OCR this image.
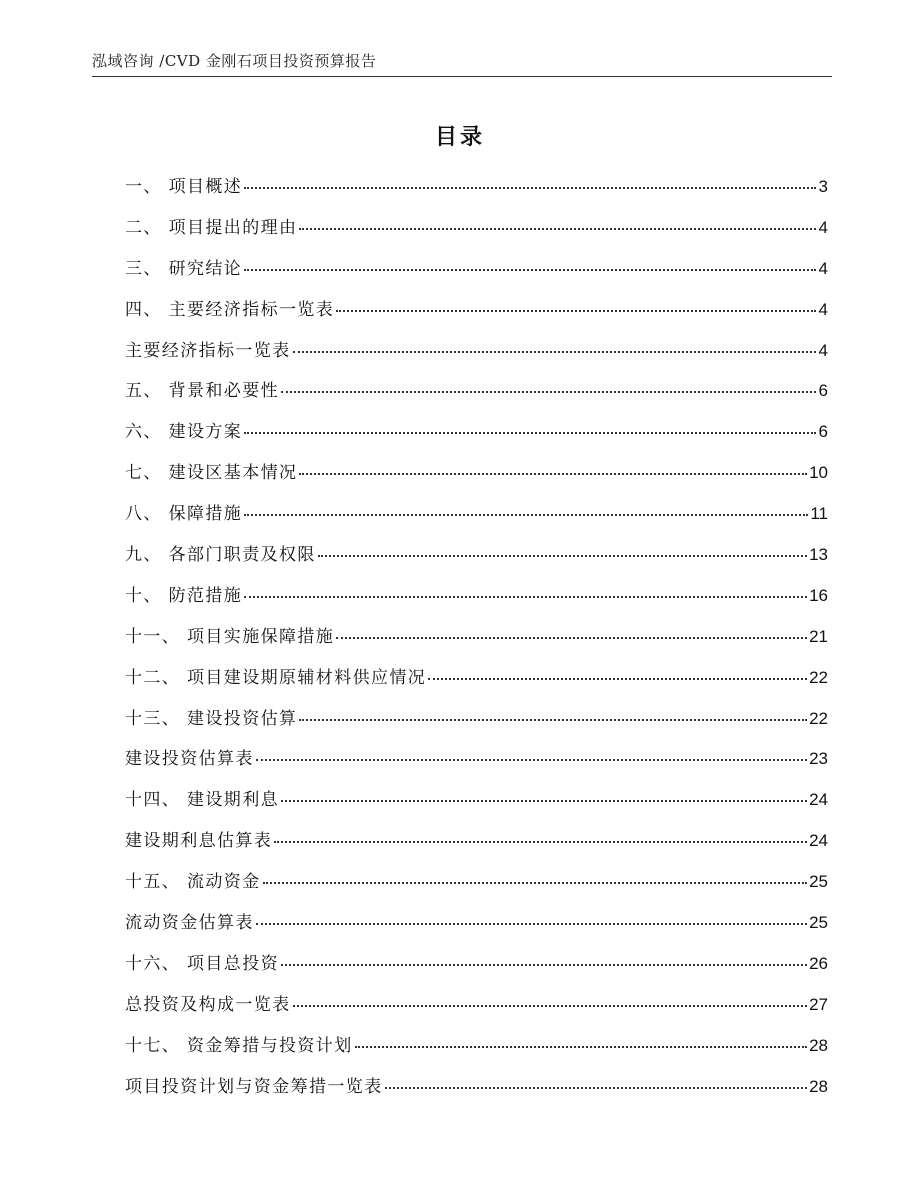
泓域咨询 /CVD 金刚石项目投资预算报告
目录
一、 项目概述	3
二、 项目提出的理由	4
三、 研究结论	4
四、 主要经济指标一览表	4
主要经济指标一览表	4
五、 背景和必要性	6
六、 建设方案	6
七、 建设区基本情况	10
八、 保障措施	11
九、 各部门职责及权限	13
十、 防范措施	16
十一、 项目实施保障措施	21
十二、 项目建设期原辅材料供应情况	22
十三、 建设投资估算	22
建设投资估算表	23
十四、 建设期利息	24
建设期利息估算表	24
十五、 流动资金	25
流动资金估算表	25
十六、 项目总投资	26
总投资及构成一览表	27
十七、 资金筹措与投资计划	28
项目投资计划与资金筹措一览表	28
